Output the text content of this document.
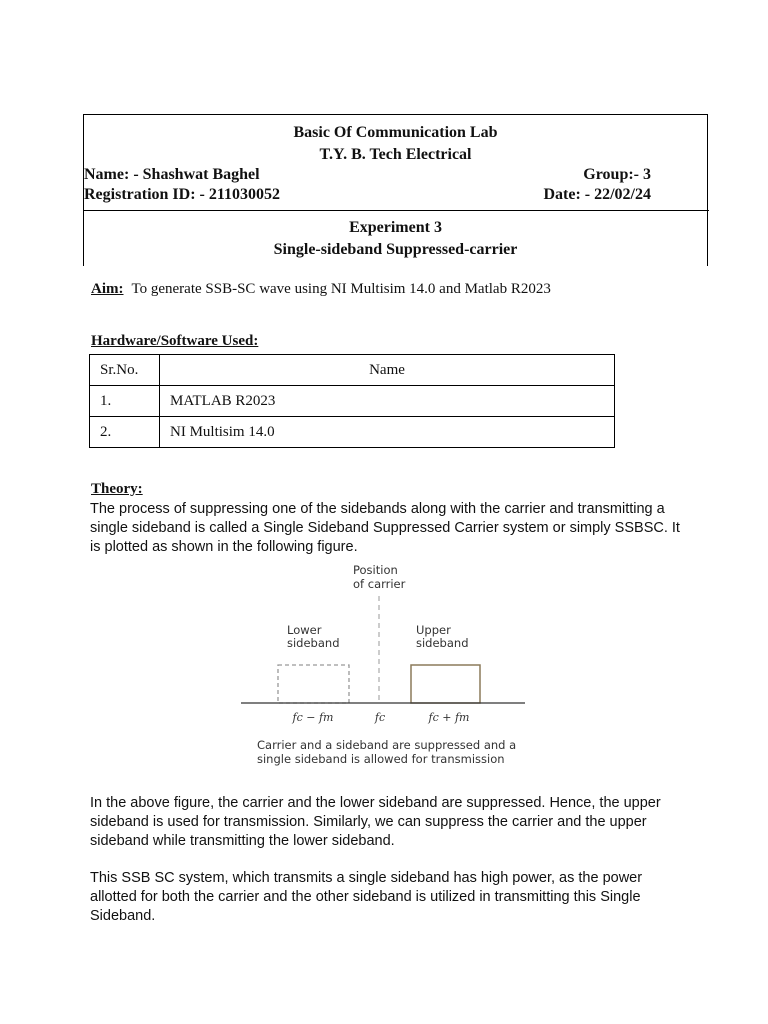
Basic Of Communication Lab
T.Y. B. Tech Electrical
Name: - Shashwat Baghel	Group:- 3
Registration ID: - 211030052	Date: - 22/02/24
Experiment 3
Single-sideband Suppressed-carrier
Aim: To generate SSB-SC wave using NI Multisim 14.0 and Matlab R2023
Hardware/Software Used:
Sr.No.	Name
1.	MATLAB R2023
2.	NI Multisim 14.0
Theory:
The process of suppressing one of the sidebands along with the carrier and transmitting a single sideband is called a Single Sideband Suppressed Carrier system or simply SSBSC. It is plotted as shown in the following figure.
Position
of carrier
Lower
sideband
Upper
sideband
fc − fm	fc	fc + fm
Carrier and a sideband are suppressed and a
single sideband is allowed for transmission
In the above figure, the carrier and the lower sideband are suppressed. Hence, the upper sideband is used for transmission. Similarly, we can suppress the carrier and the upper sideband while transmitting the lower sideband.
This SSB SC system, which transmits a single sideband has high power, as the power allotted for both the carrier and the other sideband is utilized in transmitting this Single Sideband.
